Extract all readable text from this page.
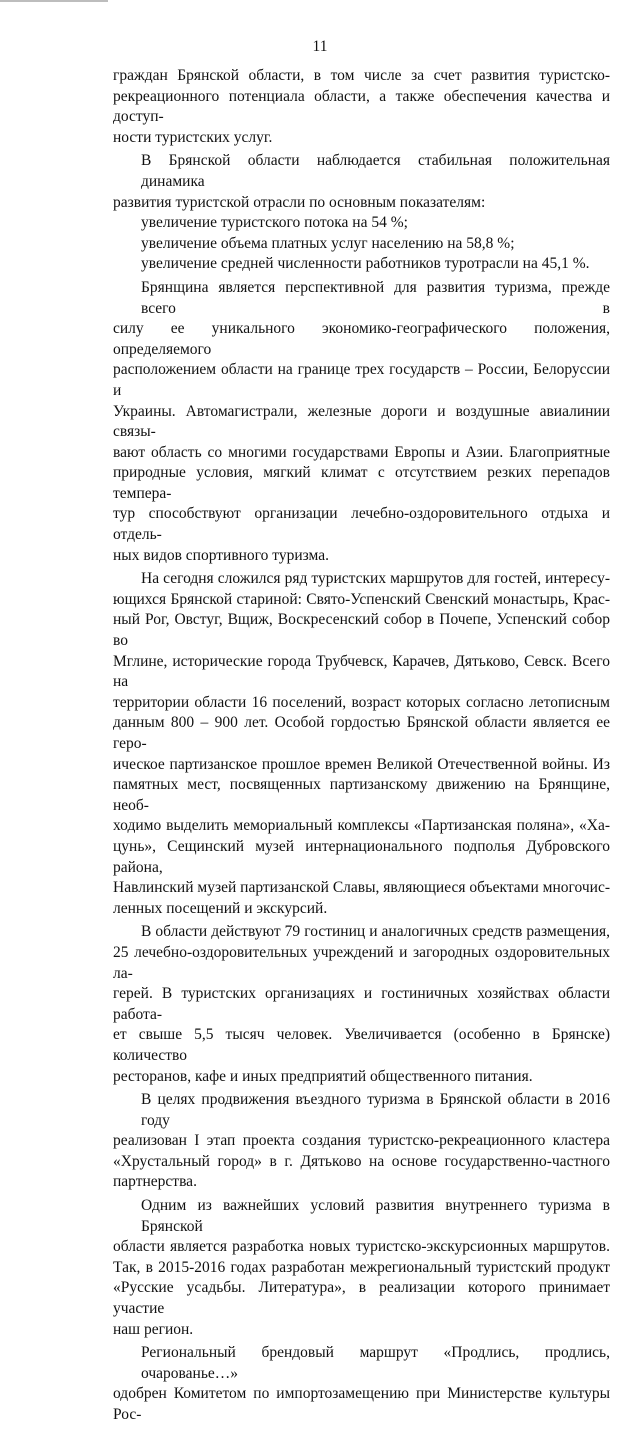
11
граждан Брянской области, в том числе за счет развития туристско-
рекреационного потенциала области, а также обеспечения качества и доступ-
ности туристских услуг.
В Брянской области наблюдается стабильная положительная динамика
развития туристской отрасли по основным показателям:
увеличение туристского потока на 54 %;
увеличение объема платных услуг населению на 58,8 %;
увеличение средней численности работников туротрасли на 45,1 %.
Брянщина является перспективной для развития туризма, прежде всего в
силу ее уникального экономико-географического положения, определяемого
расположением области на границе трех государств – России, Белоруссии и
Украины. Автомагистрали, железные дороги и воздушные авиалинии связы-
вают область со многими государствами Европы и Азии. Благоприятные
природные условия, мягкий климат с отсутствием резких перепадов темпера-
тур способствуют организации лечебно-оздоровительного отдыха и отдель-
ных видов спортивного туризма.
На сегодня сложился ряд туристских маршрутов для гостей, интересу-
ющихся Брянской стариной: Свято-Успенский Свенский монастырь, Крас-
ный Рог, Овстуг, Вщиж, Воскресенский собор в Почепе, Успенский собор во
Мглине, исторические города Трубчевск, Карачев, Дятьково, Севск. Всего на
территории области 16 поселений, возраст которых согласно летописным
данным 800 – 900 лет. Особой гордостью Брянской области является ее геро-
ическое партизанское прошлое времен Великой Отечественной войны. Из
памятных мест, посвященных партизанскому движению на Брянщине, необ-
ходимо выделить мемориальный комплексы «Партизанская поляна», «Ха-
цунь», Сещинский музей интернационального подполья Дубровского района,
Навлинский музей партизанской Славы, являющиеся объектами многочис-
ленных посещений и экскурсий.
В области действуют 79 гостиниц и аналогичных средств размещения,
25 лечебно-оздоровительных учреждений и загородных оздоровительных ла-
герей. В туристских организациях и гостиничных хозяйствах области работа-
ет свыше 5,5 тысяч человек. Увеличивается (особенно в Брянске) количество
ресторанов, кафе и иных предприятий общественного питания.
В целях продвижения въездного туризма в Брянской области в 2016 году
реализован I этап проекта создания туристско-рекреационного кластера
«Хрустальный город» в г. Дятьково на основе государственно-частного
партнерства.
Одним из важнейших условий развития внутреннего туризма в Брянской
области является разработка новых туристско-экскурсионных маршрутов.
Так, в 2015-2016 годах разработан межрегиональный туристский продукт
«Русские усадьбы. Литература», в реализации которого принимает участие
наш регион.
Региональный брендовый маршрут «Продлись, продлись, очарованье…»
одобрен Комитетом по импортозамещению при Министерстве культуры Рос-
